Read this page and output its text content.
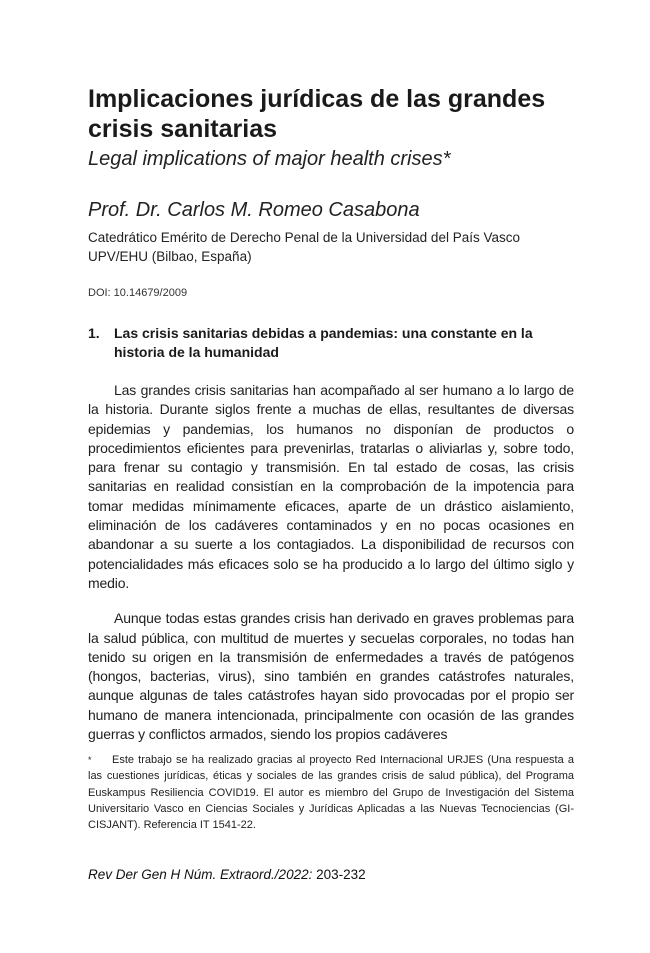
Implicaciones jurídicas de las grandes crisis sanitarias

Legal implications of major health crises*

Prof. Dr. Carlos M. Romeo Casabona

Catedrático Emérito de Derecho Penal de la Universidad del País Vasco

UPV/EHU (Bilbao, España)

DOI: 10.14679/2009

1.	Las crisis sanitarias debidas a pandemias: una constante en la historia de la humanidad

Las grandes crisis sanitarias han acompañado al ser humano a lo largo de la historia. Durante siglos frente a muchas de ellas, resultantes de diversas epidemias y pandemias, los humanos no disponían de productos o procedimientos eficientes para prevenirlas, tratarlas o aliviarlas y, sobre todo, para frenar su contagio y transmisión. En tal estado de cosas, las crisis sanitarias en realidad consistían en la comprobación de la impotencia para tomar medidas mínimamente eficaces, aparte de un drástico aislamiento, eliminación de los cadáveres contaminados y en no pocas ocasiones en abandonar a su suerte a los contagiados. La disponibilidad de recursos con potencialidades más eficaces solo se ha producido a lo largo del último siglo y medio.

Aunque todas estas grandes crisis han derivado en graves problemas para la salud pública, con multitud de muertes y secuelas corporales, no todas han tenido su origen en la transmisión de enfermedades a través de patógenos (hongos, bacterias, virus), sino también en grandes catástrofes naturales, aunque algunas de tales catástrofes hayan sido provocadas por el propio ser humano de manera intencionada, principalmente con ocasión de las grandes guerras y conflictos armados, siendo los propios cadáveres

* Este trabajo se ha realizado gracias al proyecto Red Internacional URJES (Una respuesta a las cuestiones jurídicas, éticas y sociales de las grandes crisis de salud pública), del Programa Euskampus Resiliencia COVID19. El autor es miembro del Grupo de Investigación del Sistema Universitario Vasco en Ciencias Sociales y Jurídicas Aplicadas a las Nuevas Tecnociencias (GI-CISJANT). Referencia IT 1541-22.
Rev Der Gen H Núm. Extraord./2022: 203-232
